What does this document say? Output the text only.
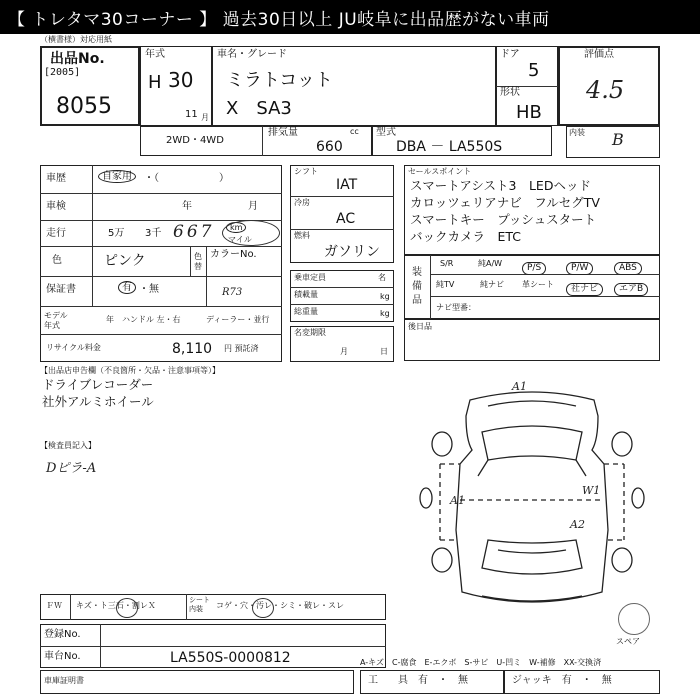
【 トレタマ30コーナー 】 過去30日以上 JU岐阜に出品歴がない車両
（横書様）対応用紙
出品No.
[2005]
8055
年式
H 30
11 月
車名・グレード
ミラトコット
X　SA3
ドア
5
形状
HB
評価点
4.5
2WD・4WD
排気量	cc
660
型式
DBA － LA550S
内装 B
車歴	自家用	・（　　　　　　）
車検	年	月
走行	5万 3千 667	km
マイル
色	ピンク	色替
カラーNo.
R73
保証書	有 ・無
モデル年式
年 ハンドル 左・右	ディーラー・並行
リサイクル料金	8,110 円 預託済
シフト
IAT
冷房
AC
燃料
ガソリン
乗車定員	名
積載量	kg
総重量	kg
名変期限
月	日
セールスポイント
スマートアシスト3　LEDヘッド
カロッツェリアナビ　フルセグTV
スマートキー　プッシュスタート
バックカメラ　ETC
装備品
S/R	純A/W	P/S	P/W	ABS
純TV	純ナビ 革シート	社ナビ	エアB
ナビ型番：
後日品
【出品店申告欄（不良箇所・欠品・注意事項等）】
ドライブレコーダー
社外アルミホイール
【検査員記入】
Dピラ-A
A1
A1
W1
A2
スペア
ＦＷ キズ・ト三石・割レＸ
シート内装	コゲ・穴・汚レ・シミ・破レ・スレ
登録No.
車台No.	LA550S-0000812	A-キズ　C-腐食　E-エクボ　S-サビ　U-凹ミ　W-補修　XX-交換済
車庫証明書	工　　具　有　・　無	ジャッキ　有　・　無
